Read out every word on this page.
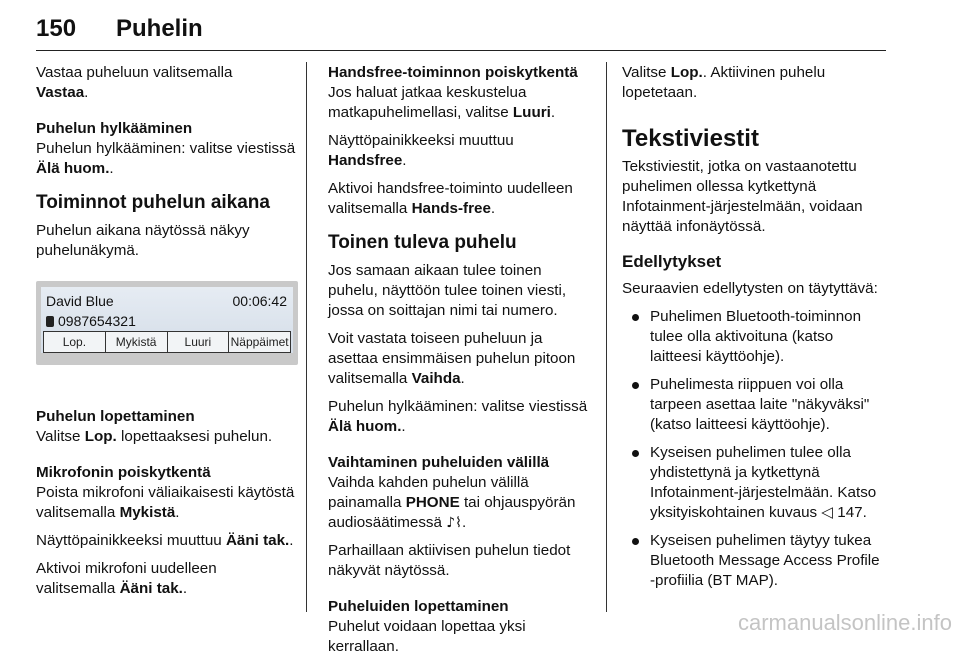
150 Puhelin

Vastaa puheluun valitsemalla
Vastaa.

Puhelun hylkääminen

Puhelun hylkääminen: valitse viestissä Älä huom..

Toiminnot puhelun aikana

Puhelun aikana näytössä näkyy puhelunäkymä.

David Blue	00:06:42
0987654321
Lop.	Mykistä	Luuri	Näppäimet

Puhelun lopettaminen

Valitse Lop. lopettaaksesi puhelun.

Mikrofonin poiskytkentä

Poista mikrofoni väliaikaisesti käytöstä valitsemalla Mykistä.

Näyttöpainikkeeksi muuttuu Ääni tak..

Aktivoi mikrofoni uudelleen valitsemalla Ääni tak..

Handsfree-toiminnon poiskytkentä

Jos haluat jatkaa keskustelua matkapuhelimellasi, valitse Luuri.

Näyttöpainikkeeksi muuttuu Handsfree.

Aktivoi handsfree-toiminto uudelleen valitsemalla Hands-free.

Toinen tuleva puhelu

Jos samaan aikaan tulee toinen puhelu, näyttöön tulee toinen viesti, jossa on soittajan nimi tai numero.

Voit vastata toiseen puheluun ja asettaa ensimmäisen puhelun pitoon valitsemalla Vaihda.

Puhelun hylkääminen: valitse viestissä Älä huom..

Vaihtaminen puheluiden välillä

Vaihda kahden puhelun välillä painamalla PHONE tai ohjauspyörän audiosäätimessä ♪⌇.

Parhaillaan aktiivisen puhelun tiedot näkyvät näytössä.

Puheluiden lopettaminen

Puhelut voidaan lopettaa yksi kerrallaan.

Valitse Lop.. Aktiivinen puhelu lopetetaan.

Tekstiviestit

Tekstiviestit, jotka on vastaanotettu puhelimen ollessa kytkettynä Infotainment-järjestelmään, voidaan näyttää infonäytössä.

Edellytykset

Seuraavien edellytysten on täytyttävä:

Puhelimen Bluetooth-toiminnon tulee olla aktivoituna (katso laitteesi käyttöohje).
Puhelimesta riippuen voi olla tarpeen asettaa laite "näkyväksi" (katso laitteesi käyttöohje).
Kyseisen puhelimen tulee olla yhdistettynä ja kytkettynä Infotainment-järjestelmään. Katso yksityiskohtainen kuvaus ◁ 147.
Kyseisen puhelimen täytyy tukea Bluetooth Message Access Profile -profiilia (BT MAP).
carmanualsonline.info
